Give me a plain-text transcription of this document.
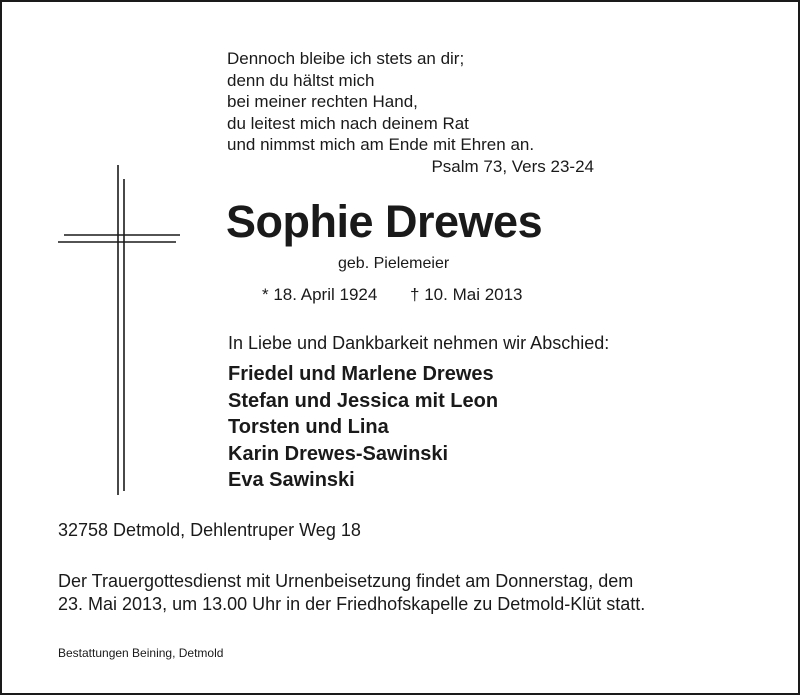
Dennoch bleibe ich stets an dir;
denn du hältst mich
bei meiner rechten Hand,
du leitest mich nach deinem Rat
und nimmst mich am Ende mit Ehren an.
Psalm 73, Vers 23-24
Sophie Drewes
geb. Pielemeier
* 18. April 1924 † 10. Mai 2013
In Liebe und Dankbarkeit nehmen wir Abschied:
Friedel und Marlene Drewes
Stefan und Jessica mit Leon
Torsten und Lina
Karin Drewes-Sawinski
Eva Sawinski
32758 Detmold, Dehlentruper Weg 18
Der Trauergottesdienst mit Urnenbeisetzung findet am Donnerstag, dem
23. Mai 2013, um 13.00 Uhr in der Friedhofskapelle zu Detmold-Klüt statt.
Bestattungen Beining, Detmold
